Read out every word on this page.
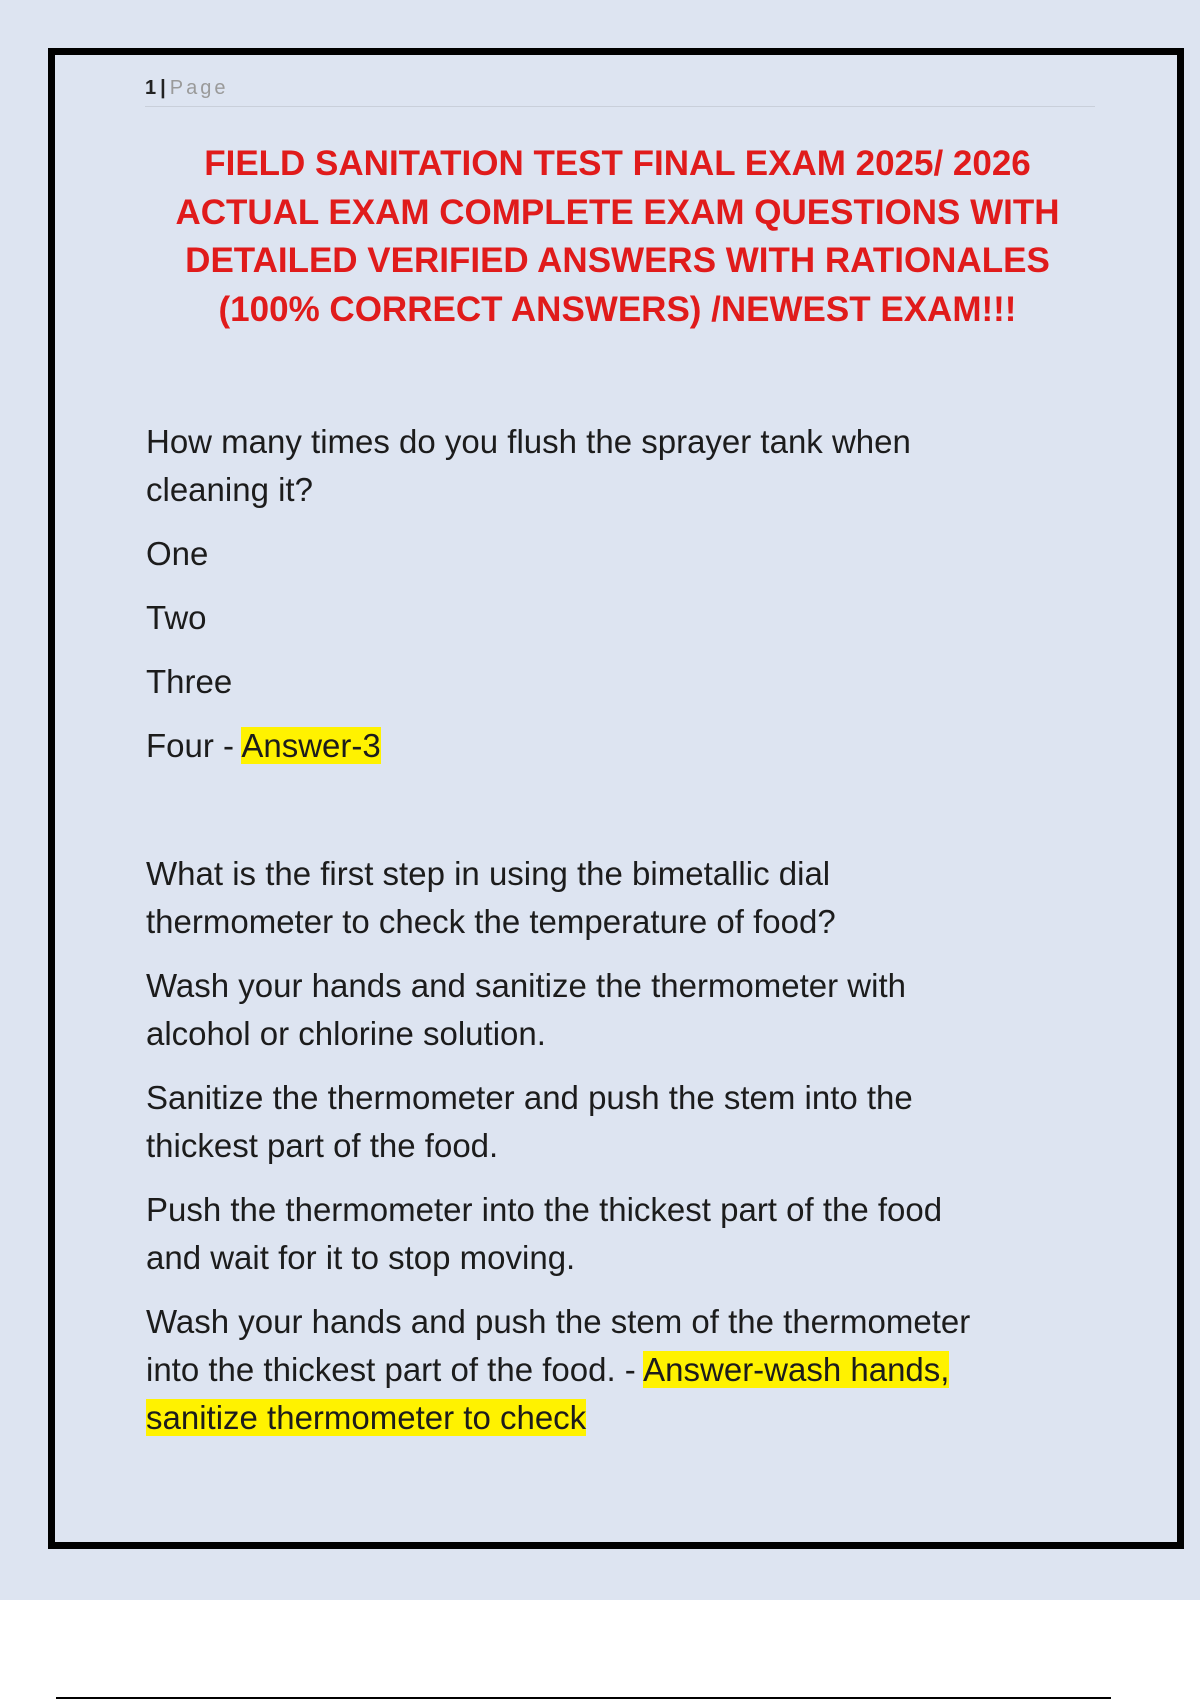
1 | Page
FIELD SANITATION TEST FINAL EXAM 2025/ 2026
ACTUAL EXAM COMPLETE EXAM QUESTIONS WITH
DETAILED VERIFIED ANSWERS WITH RATIONALES
(100% CORRECT ANSWERS) /NEWEST EXAM!!!

How many times do you flush the sprayer tank when
cleaning it?

One

Two

Three

Four - Answer-3

What is the first step in using the bimetallic dial
thermometer to check the temperature of food?

Wash your hands and sanitize the thermometer with
alcohol or chlorine solution.

Sanitize the thermometer and push the stem into the
thickest part of the food.

Push the thermometer into the thickest part of the food
and wait for it to stop moving.

Wash your hands and push the stem of the thermometer
into the thickest part of the food. - Answer-wash hands,
sanitize thermometer to check
